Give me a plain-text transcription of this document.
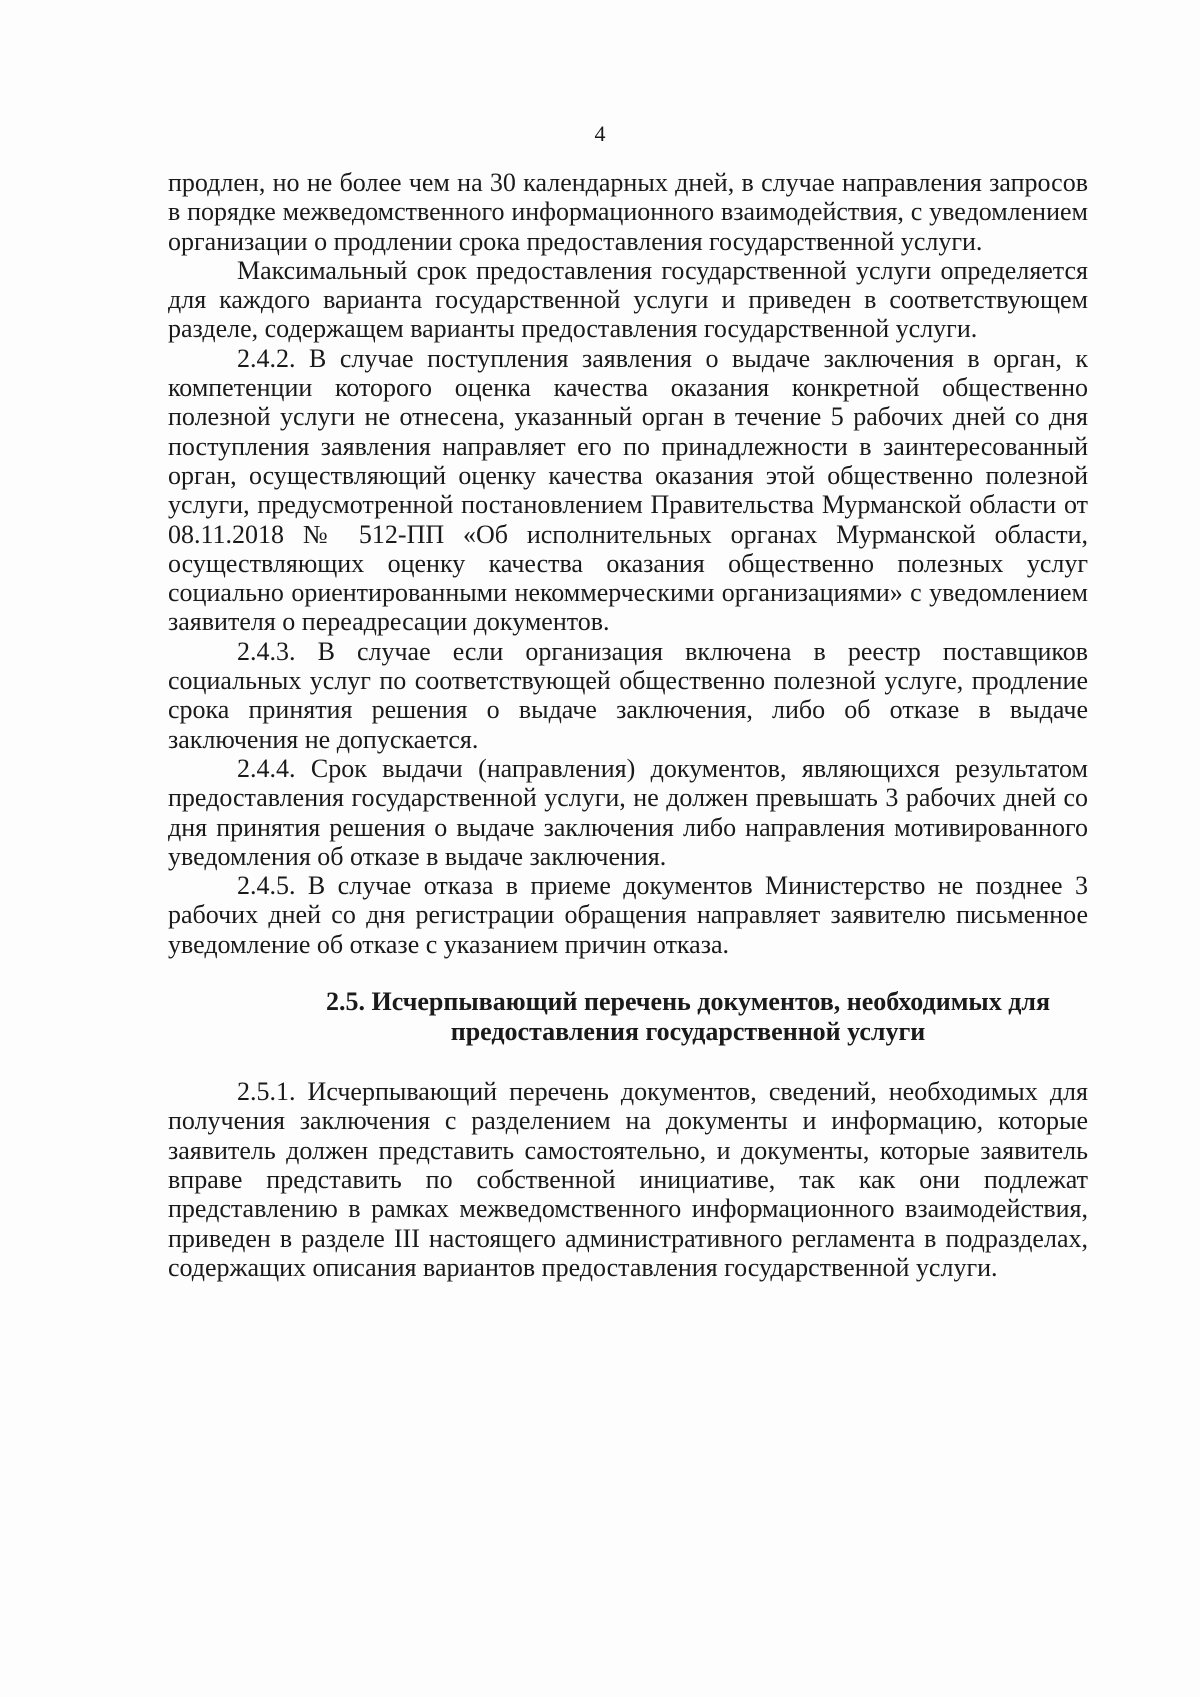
4

продлен, но не более чем на 30 календарных дней, в случае направления запросов в порядке межведомственного информационного взаимодействия, с уведомлением организации о продлении срока предоставления государственной услуги.

Максимальный срок предоставления государственной услуги определяется для каждого варианта государственной услуги и приведен в соответствующем разделе, содержащем варианты предоставления государственной услуги.

2.4.2. В случае поступления заявления о выдаче заключения в орган, к компетенции которого оценка качества оказания конкретной общественно полезной услуги не отнесена, указанный орган в течение 5 рабочих дней со дня поступления заявления направляет его по принадлежности в заинтересованный орган, осуществляющий оценку качества оказания этой общественно полезной услуги, предусмотренной постановлением Правительства Мурманской области от 08.11.2018 № 512-ПП «Об исполнительных органах Мурманской области, осуществляющих оценку качества оказания общественно полезных услуг социально ориентированными некоммерческими организациями» с уведомлением заявителя о переадресации документов.

2.4.3. В случае если организация включена в реестр поставщиков социальных услуг по соответствующей общественно полезной услуге, продление срока принятия решения о выдаче заключения, либо об отказе в выдаче заключения не допускается.

2.4.4. Срок выдачи (направления) документов, являющихся результатом предоставления государственной услуги, не должен превышать 3 рабочих дней со дня принятия решения о выдаче заключения либо направления мотивированного уведомления об отказе в выдаче заключения.

2.4.5. В случае отказа в приеме документов Министерство не позднее 3 рабочих дней со дня регистрации обращения направляет заявителю письменное уведомление об отказе с указанием причин отказа.

2.5. Исчерпывающий перечень документов, необходимых для
предоставления государственной услуги

2.5.1. Исчерпывающий перечень документов, сведений, необходимых для получения заключения с разделением на документы и информацию, которые заявитель должен представить самостоятельно, и документы, которые заявитель вправе представить по собственной инициативе, так как они подлежат представлению в рамках межведомственного информационного взаимодействия, приведен в разделе III настоящего административного регламента в подразделах, содержащих описания вариантов предоставления государственной услуги.
